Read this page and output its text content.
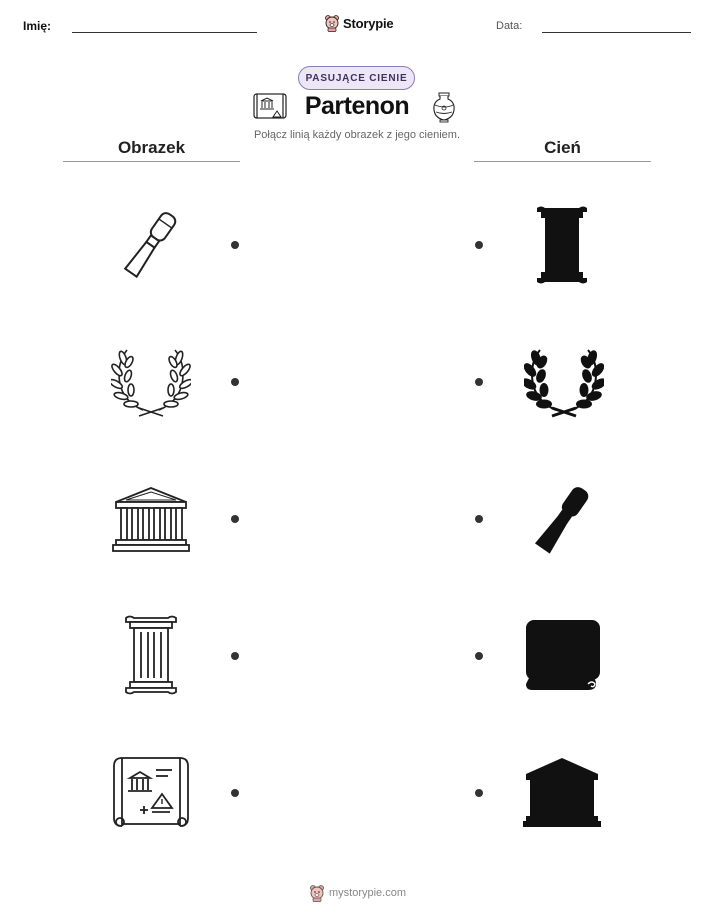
Imię:	Storypie	Data:
PASUJĄCE CIENIE
Partenon
Połącz linią każdy obrazek z jego cieniem.
Obrazek	Cień
mystorypie.com
